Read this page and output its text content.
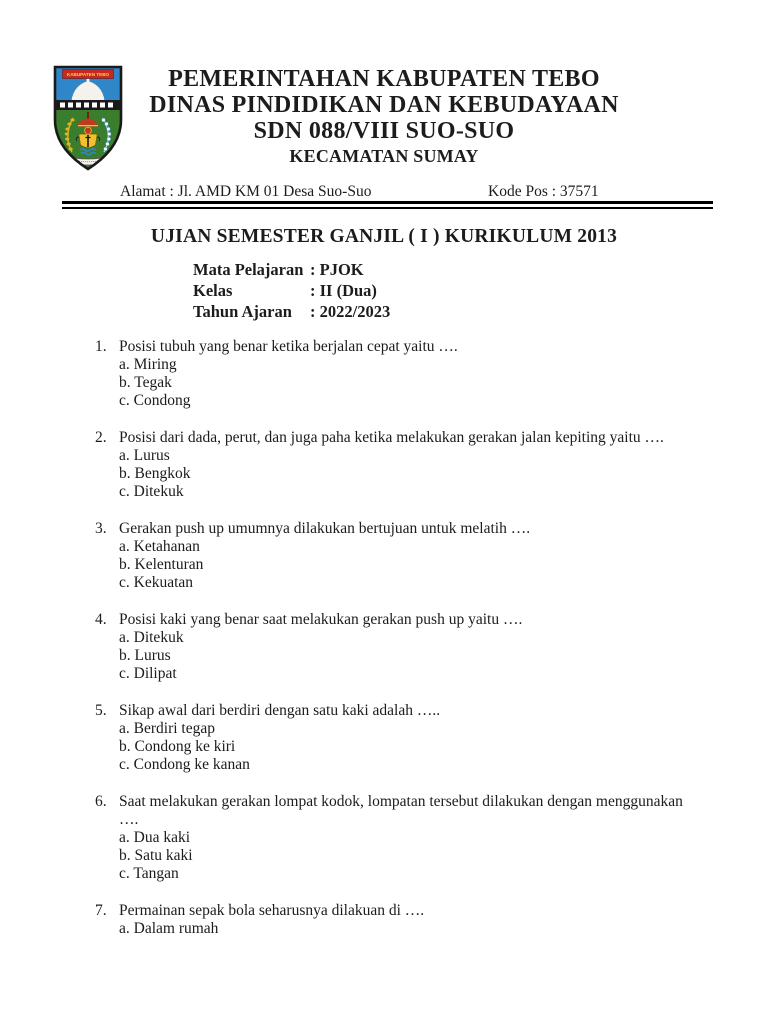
KABUPATEN TEBO	PEMERINTAHAN KABUPATEN TEBO
DINAS PINDIDIKAN DAN KEBUDAYAAN
SDN 088/VIII SUO-SUO
KECAMATAN SUMAY
Alamat : Jl. AMD KM 01 Desa Suo-Suo	Kode Pos : 37571
UJIAN SEMESTER GANJIL ( I ) KURIKULUM 2013
Mata Pelajaran : PJOK
Kelas	: II (Dua)
Tahun Ajaran : 2022/2023
1. Posisi tubuh yang benar ketika berjalan cepat yaitu ….
a. Miring
b. Tegak
c. Condong
2. Posisi dari dada, perut, dan juga paha ketika melakukan gerakan jalan kepiting yaitu ….
a. Lurus
b. Bengkok
c. Ditekuk
3. Gerakan push up umumnya dilakukan bertujuan untuk melatih ….
a. Ketahanan
b. Kelenturan
c. Kekuatan
4. Posisi kaki yang benar saat melakukan gerakan push up yaitu ….
a. Ditekuk
b. Lurus
c. Dilipat
5. Sikap awal dari berdiri dengan satu kaki adalah …..
a. Berdiri tegap
b. Condong ke kiri
c. Condong ke kanan
6. Saat melakukan gerakan lompat kodok, lompatan tersebut dilakukan dengan menggunakan
….
a. Dua kaki
b. Satu kaki
c. Tangan
7. Permainan sepak bola seharusnya dilakuan di ….
a. Dalam rumah
